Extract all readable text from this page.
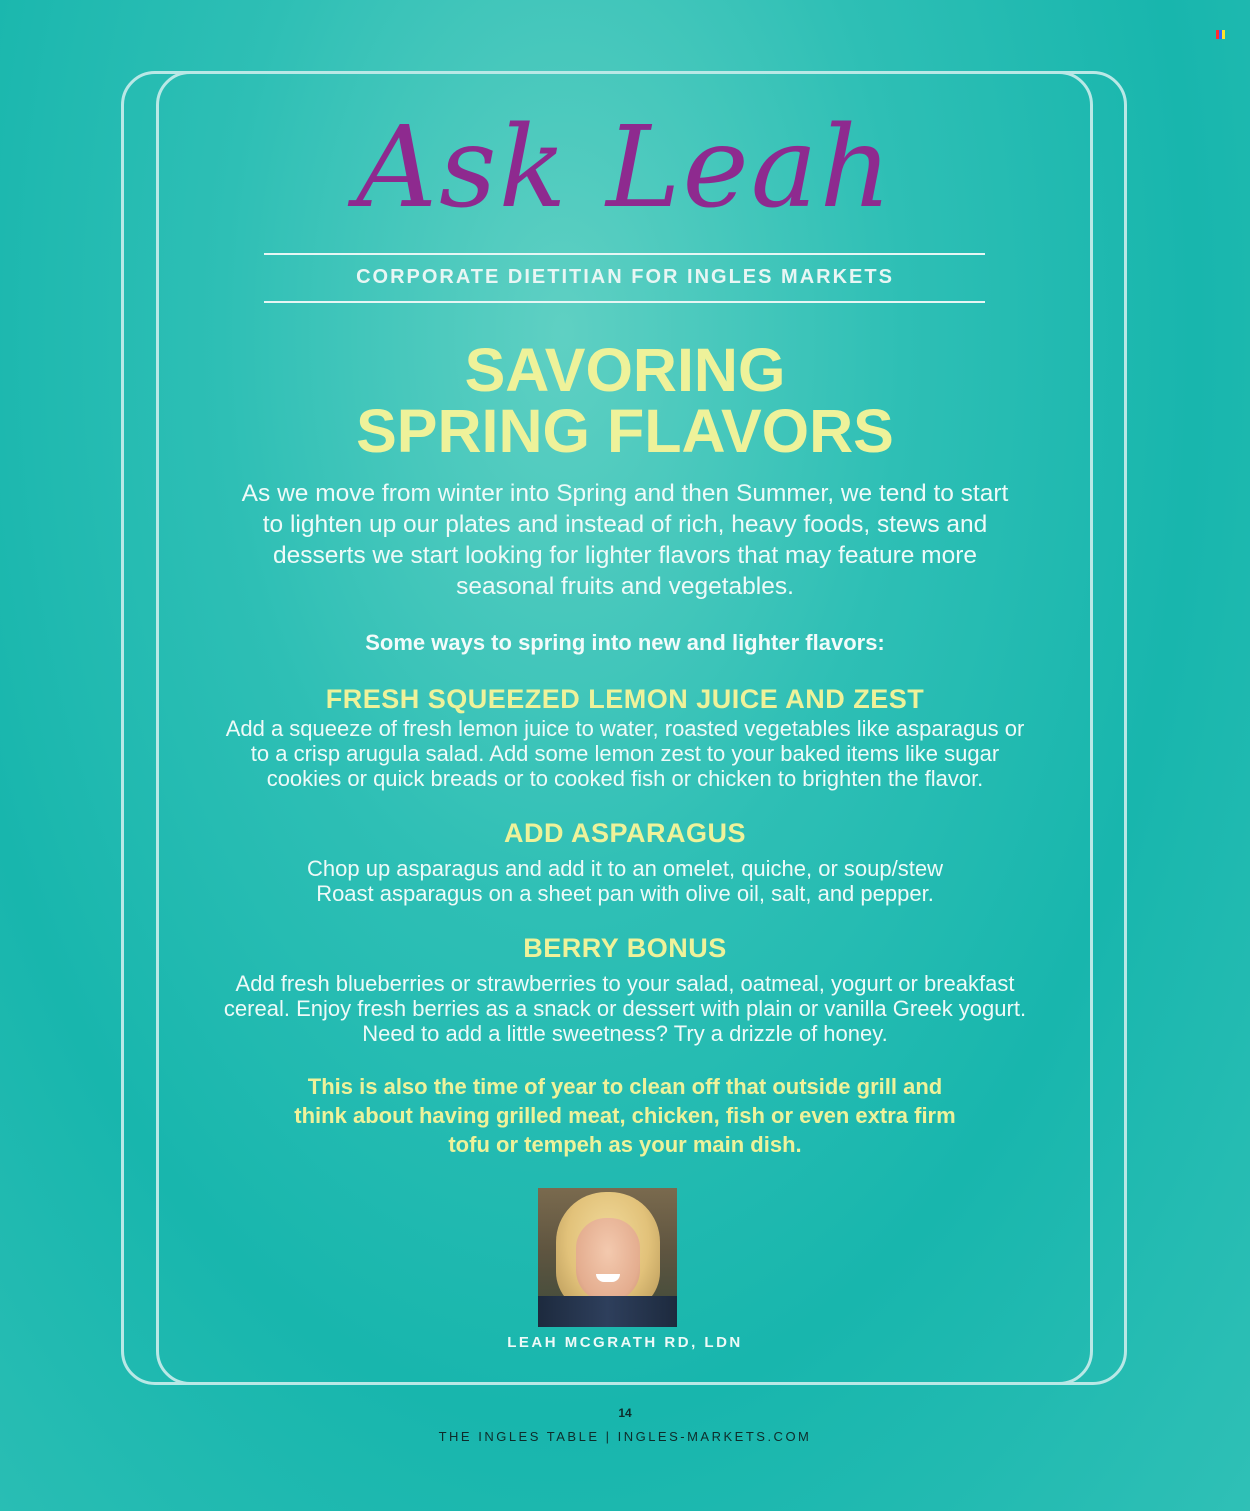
Ask Leah
CORPORATE DIETITIAN FOR INGLES MARKETS
SAVORING
SPRING FLAVORS
As we move from winter into Spring and then Summer, we tend to start to lighten up our plates and instead of rich, heavy foods, stews and desserts we start looking for lighter flavors that may feature more seasonal fruits and vegetables.
Some ways to spring into new and lighter flavors:
FRESH SQUEEZED LEMON JUICE AND ZEST
Add a squeeze of fresh lemon juice to water, roasted vegetables like asparagus or to a crisp arugula salad. Add some lemon zest to your baked items like sugar cookies or quick breads or to cooked fish or chicken to brighten the flavor.
ADD ASPARAGUS
Chop up asparagus and add it to an omelet, quiche, or soup/stew Roast asparagus on a sheet pan with olive oil, salt, and pepper.
BERRY BONUS
Add fresh blueberries or strawberries to your salad, oatmeal, yogurt or breakfast cereal. Enjoy fresh berries as a snack or dessert with plain or vanilla Greek yogurt. Need to add a little sweetness? Try a drizzle of honey.
This is also the time of year to clean off that outside grill and think about having grilled meat, chicken, fish or even extra firm tofu or tempeh as your main dish.
LEAH MCGRATH RD, LDN
14
THE INGLES TABLE | INGLES-MARKETS.COM
